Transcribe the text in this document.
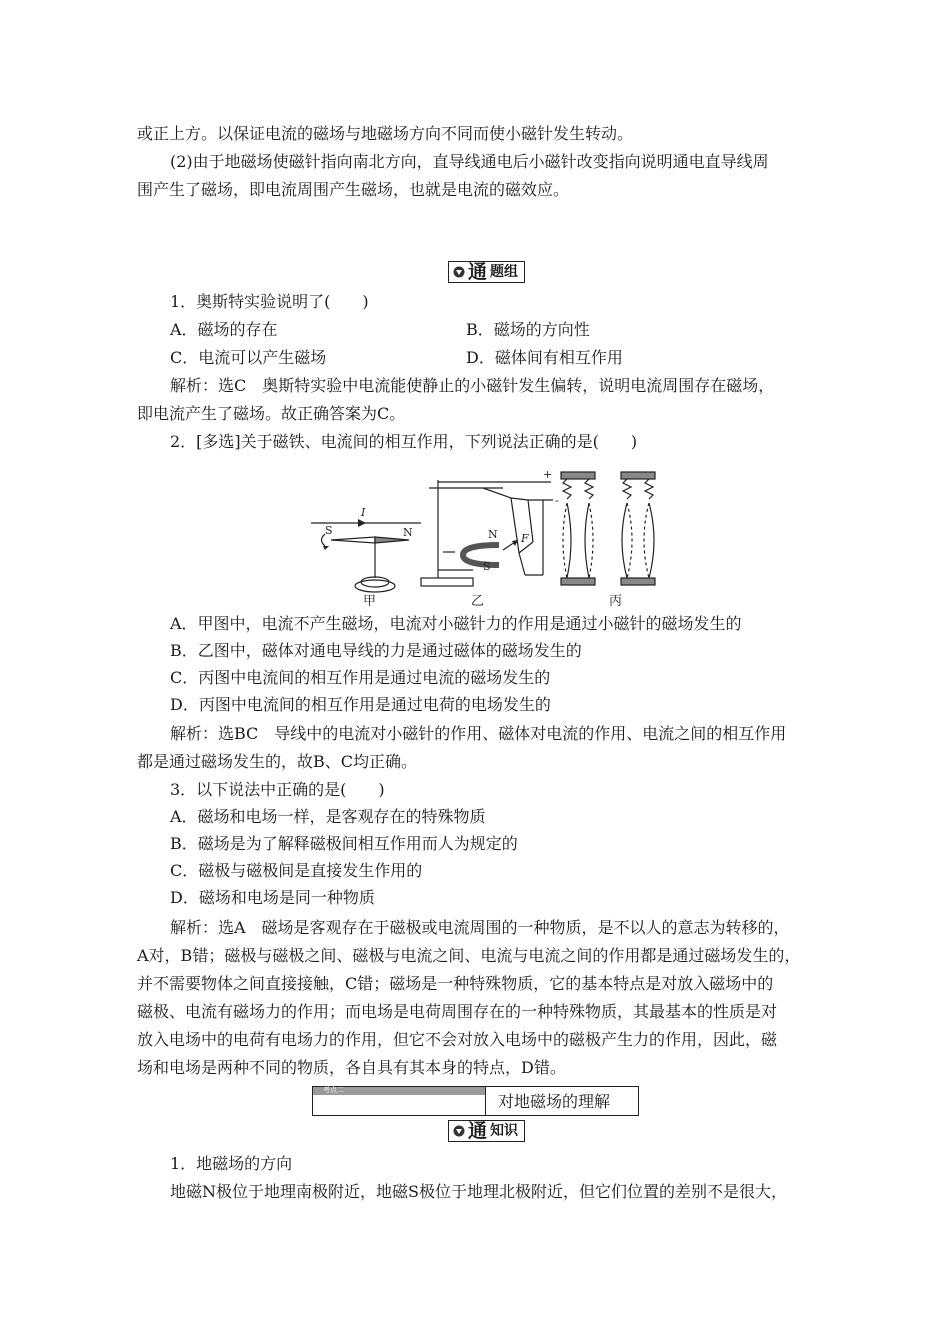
或正上方。以保证电流的磁场与地磁场方向不同而使小磁针发生转动。
(2)由于地磁场使磁针指向南北方向，直导线通电后小磁针改变指向说明通电直导线周
围产生了磁场，即电流周围产生磁场，也就是电流的磁效应。
通 题组
1．奥斯特实验说明了(　　)
A．磁场的存在	B．磁场的方向性
C．电流可以产生磁场	D．磁体间有相互作用
解析：选C　奥斯特实验中电流能使静止的小磁针发生偏转，说明电流周围存在磁场，
即电流产生了磁场。故正确答案为C。
2．[多选]关于磁铁、电流间的相互作用，下列说法正确的是(　　)
I
S	N	N
S
F
+
-
甲	乙	丙
A．甲图中，电流不产生磁场，电流对小磁针力的作用是通过小磁针的磁场发生的
B．乙图中，磁体对通电导线的力是通过磁体的磁场发生的
C．丙图中电流间的相互作用是通过电流的磁场发生的
D．丙图中电流间的相互作用是通过电荷的电场发生的
解析：选BC　导线中的电流对小磁针的作用、磁体对电流的作用、电流之间的相互作用
都是通过磁场发生的，故B、C均正确。
3．以下说法中正确的是(　　)
A．磁场和电场一样，是客观存在的特殊物质
B．磁场是为了解释磁极间相互作用而人为规定的
C．磁极与磁极间是直接发生作用的
D．磁场和电场是同一种物质
解析：选A　磁场是客观存在于磁极或电流周围的一种物质，是不以人的意志为转移的，
A对，B错；磁极与磁极之间、磁极与电流之间、电流与电流之间的作用都是通过磁场发生的，
并不需要物体之间直接接触，C错；磁场是一种特殊物质，它的基本特点是对放入磁场中的
磁极、电流有磁场力的作用；而电场是电荷周围存在的一种特殊物质，其最基本的性质是对
放入电场中的电荷有电场力的作用，但它不会对放入电场中的磁极产生力的作用，因此，磁
场和电场是两种不同的物质，各自具有其本身的特点，D错。
考点二
对地磁场的理解
通 知识
1．地磁场的方向
地磁N极位于地理南极附近，地磁S极位于地理北极附近，但它们位置的差别不是很大，
